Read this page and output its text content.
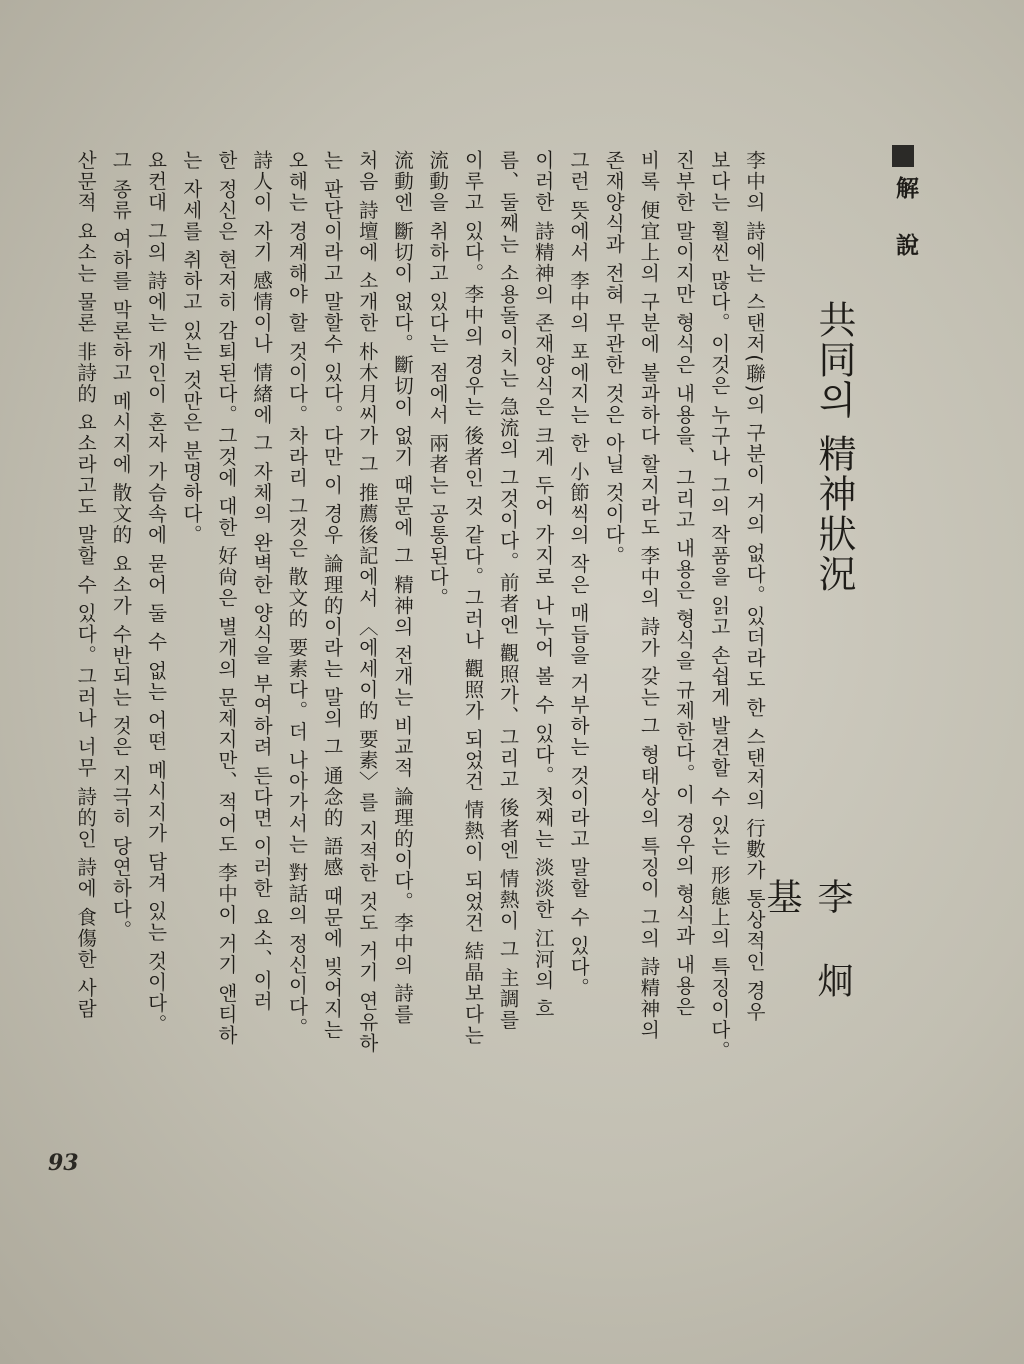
解說
共同의 精神狀況
李炯基

李中의 詩에는 스탠저(聯)의 구분이 거의 없다。있더라도 한 스탠저의 行數가 통상적인 경우

보다는 훨씬 많다。이것은 누구나 그의 작품을 읽고 손쉽게 발견할 수 있는 形態上의 특징이다。

진부한 말이지만 형식은 내용을、그리고 내용은 형식을 규제한다。이 경우의 형식과 내용은

비록 便宜上의 구분에 불과하다 할지라도 李中의 詩가 갖는 그 형태상의 특징이 그의 詩精神의

존재양식과 전혀 무관한 것은 아닐 것이다。

그런 뜻에서 李中의 포에지는 한 小節씩의 작은 매듭을 거부하는 것이라고 말할 수 있다。

이러한 詩精神의 존재양식은 크게 두어 가지로 나누어 볼 수 있다。첫째는 淡淡한 江河의 흐

름、둘째는 소용돌이치는 急流의 그것이다。前者엔 觀照가、그리고 後者엔 情熱이 그 主調를

이루고 있다。李中의 경우는 後者인 것 같다。그러나 觀照가 되었건 情熱이 되었건 結晶보다는

流動을 취하고 있다는 점에서 兩者는 공통된다。

流動엔 斷切이 없다。斷切이 없기 때문에 그 精神의 전개는 비교적 論理的이다。李中의 詩를

처음 詩壇에 소개한 朴木月씨가 그 推薦後記에서 〈에세이的 要素〉를 지적한 것도 거기 연유하

는 판단이라고 말할수 있다。다만 이 경우 論理的이라는 말의 그 通念的 語感 때문에 빚어지는

오해는 경계해야 할 것이다。차라리 그것은 散文的 要素다。더 나아가서는 對話의 정신이다。

詩人이 자기 感情이나 情緖에 그 자체의 완벽한 양식을 부여하려 든다면 이러한 요소、이러

한 정신은 현저히 감퇴된다。그것에 대한 好尙은 별개의 문제지만、적어도 李中이 거기 앤티하

는 자세를 취하고 있는 것만은 분명하다。

요컨대 그의 詩에는 개인이 혼자 가슴속에 묻어 둘 수 없는 어떤 메시지가 담겨 있는 것이다。

그 종류 여하를 막론하고 메시지에 散文的 요소가 수반되는 것은 지극히 당연하다。

산문적 요소는 물론 非詩的 요소라고도 말할 수 있다。그러나 너무 詩的인 詩에 食傷한 사람

93
